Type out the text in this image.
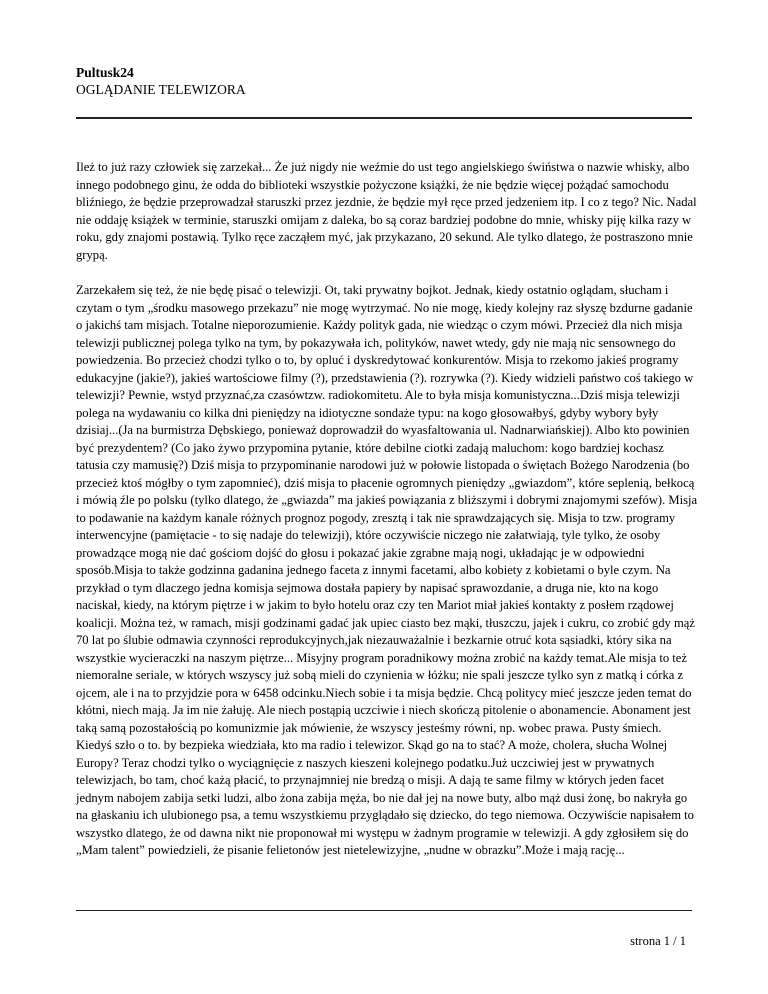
Pultusk24
OGLĄDANIE TELEWIZORA

Ileż to już razy człowiek się zarzekał... Że już nigdy nie weźmie do ust tego angielskiego świństwa o nazwie whisky, albo innego podobnego ginu, że odda do biblioteki wszystkie pożyczone książki, że nie będzie więcej pożądać samochodu bliźniego, że będzie przeprowadzał staruszki przez jezdnie, że będzie mył ręce przed jedzeniem itp. I co z tego? Nic. Nadal nie oddaję książek w terminie, staruszki omijam z daleka, bo są coraz bardziej podobne do mnie, whisky piję kilka razy w roku, gdy znajomi postawią. Tylko ręce zacząłem myć, jak przykazano, 20 sekund. Ale tylko dlatego, że postraszono mnie grypą.

Zarzekałem się też, że nie będę pisać o telewizji. Ot, taki prywatny bojkot. Jednak, kiedy ostatnio oglądam, słucham i czytam o tym „środku masowego przekazu” nie mogę wytrzymać. No nie mogę, kiedy kolejny raz słyszę bzdurne gadanie o jakichś tam misjach. Totalne nieporozumienie. Każdy polityk gada, nie wiedząc o czym mówi. Przecież dla nich misja telewizji publicznej polega tylko na tym, by pokazywała ich, polityków, nawet wtedy, gdy nie mają nic sensownego do powiedzenia. Bo przecież chodzi tylko o to, by opluć i dyskredytować konkurentów. Misja to rzekomo jakieś programy edukacyjne (jakie?), jakieś wartościowe filmy (?), przedstawienia (?). rozrywka (?). Kiedy widzieli państwo coś takiego w telewizji? Pewnie, wstyd przyznać,za czasówtzw. radiokomitetu. Ale to była misja komunistyczna...Dziś misja telewizji polega na wydawaniu co kilka dni pieniędzy na idiotyczne sondaże typu: na kogo głosowałbyś, gdyby wybory były dzisiaj...(Ja na burmistrza Dębskiego, ponieważ doprowadził do wyasfaltowania ul. Nadnarwiańskiej). Albo kto powinien być prezydentem? (Co jako żywo przypomina pytanie, które debilne ciotki zadają maluchom: kogo bardziej kochasz tatusia czy mamusię?) Dziś misja to przypominanie narodowi już w połowie listopada o świętach Bożego Narodzenia (bo przecież ktoś mógłby o tym zapomnieć), dziś misja to płacenie ogromnych pieniędzy „gwiazdom”, które seplenią, bełkocą i mówią źle po polsku (tylko dlatego, że „gwiazda” ma jakieś powiązania z bliższymi i dobrymi znajomymi szefów). Misja to podawanie na każdym kanale różnych prognoz pogody, zresztą i tak nie sprawdzających się. Misja to tzw. programy interwencyjne (pamiętacie - to się nadaje do telewizji), które oczywiście niczego nie załatwiają, tyle tylko, że osoby prowadzące mogą nie dać gościom dojść do głosu i pokazać jakie zgrabne mają nogi, układając je w odpowiedni sposób.Misja to także godzinna gadanina jednego faceta z innymi facetami, albo kobiety z kobietami o byle czym. Na przykład o tym dlaczego jedna komisja sejmowa dostała papiery by napisać sprawozdanie, a druga nie, kto na kogo naciskał, kiedy, na którym piętrze i w jakim to było hotelu oraz czy ten Mariot miał jakieś kontakty z posłem rządowej koalicji. Można też, w ramach, misji godzinami gadać jak upiec ciasto bez mąki, tłuszczu, jajek i cukru, co zrobić gdy mąż 70 lat po ślubie odmawia czynności reprodukcyjnych,jak niezauważalnie i bezkarnie otruć kota sąsiadki, który sika na wszystkie wycieraczki na naszym piętrze... Misyjny program poradnikowy można zrobić na każdy temat.Ale misja to też niemoralne seriale, w których wszyscy już sobą mieli do czynienia w łóżku; nie spali jeszcze tylko syn z matką i córka z ojcem, ale i na to przyjdzie pora w 6458 odcinku.Niech sobie i ta misja będzie. Chcą politycy mieć jeszcze jeden temat do kłótni, niech mają. Ja im nie żałuję. Ale niech postąpią uczciwie i niech skończą pitolenie o abonamencie. Abonament jest taką samą pozostałością po komunizmie jak mówienie, że wszyscy jesteśmy równi, np. wobec prawa. Pusty śmiech. Kiedyś szło o to. by bezpieka wiedziała, kto ma radio i telewizor. Skąd go na to stać? A może, cholera, słucha Wolnej Europy? Teraz chodzi tylko o wyciągnięcie z naszych kieszeni kolejnego podatku.Już uczciwiej jest w prywatnych telewizjach, bo tam, choć każą płacić, to przynajmniej nie bredzą o misji. A dają te same filmy w których jeden facet jednym nabojem zabija setki ludzi, albo żona zabija męża, bo nie dał jej na nowe buty, albo mąż dusi żonę, bo nakryła go na głaskaniu ich ulubionego psa, a temu wszystkiemu przyglądało się dziecko, do tego niemowa. Oczywiście napisałem to wszystko dlatego, że od dawna nikt nie proponował mi występu w żadnym programie w telewizji. A gdy zgłosiłem się do „Mam talent” powiedzieli, że pisanie felietonów jest nietelewizyjne, „nudne w obrazku”.Może i mają rację...

strona 1 / 1
